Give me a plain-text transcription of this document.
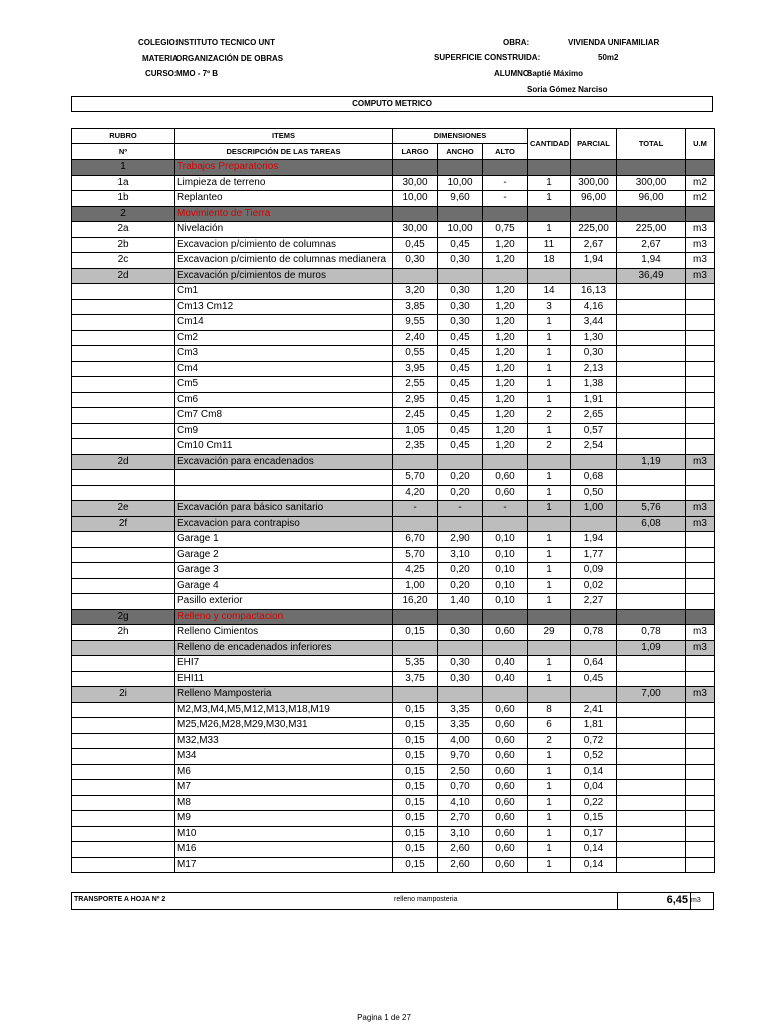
COLEGIO:
INSTITUTO TECNICO UNT
MATERIA
ORGANIZACIÓN DE OBRAS
CURSO: MMO - 7º B
OBRA:	VIVIENDA UNIFAMILIAR
SUPERFICIE CONSTRUIDA:	50m2
ALUMNO:
Saptié Máximo
Soria Gómez Narciso
COMPUTO METRICO
RUBRO	ITEMS	DIMENSIONES			CANTIDAD	PARCIAL	TOTAL	U.M
Nº	DESCRIPCIÓN DE LAS TAREAS	LARGO	ANCHO	ALTO				
1	Trabajos Preparatorios							
1a	Limpieza de terreno	30,00	10,00	-	1	300,00	300,00	m2
1b	Replanteo	10,00	9,60	-	1	96,00	96,00	m2
2	Movimiento de Tierra							
2a	Nivelación	30,00	10,00	0,75	1	225,00	225,00	m3
2b	Excavacion p/cimiento de columnas	0,45	0,45	1,20	11	2,67	2,67	m3
2c	Excavacion p/cimiento de columnas medianera	0,30	0,30	1,20	18	1,94	1,94	m3
2d	Excavación p/cimientos de muros						36,49	m3
	Cm1	3,20	0,30	1,20	14	16,13		
	Cm13 Cm12	3,85	0,30	1,20	3	4,16		
	Cm14	9,55	0,30	1,20	1	3,44		
	Cm2	2,40	0,45	1,20	1	1,30		
	Cm3	0,55	0,45	1,20	1	0,30		
	Cm4	3,95	0,45	1,20	1	2,13		
	Cm5	2,55	0,45	1,20	1	1,38		
	Cm6	2,95	0,45	1,20	1	1,91		
	Cm7 Cm8	2,45	0,45	1,20	2	2,65		
	Cm9	1,05	0,45	1,20	1	0,57		
	Cm10 Cm11	2,35	0,45	1,20	2	2,54		
2d	Excavación para encadenados						1,19	m3
		5,70	0,20	0,60	1	0,68		
		4,20	0,20	0,60	1	0,50		
2e	Excavación para básico sanitario	-	-	-	1	1,00	5,76	m3
2f	Excavacion para contrapiso						6,08	m3
	Garage 1	6,70	2,90	0,10	1	1,94		
	Garage 2	5,70	3,10	0,10	1	1,77		
	Garage 3	4,25	0,20	0,10	1	0,09		
	Garage 4	1,00	0,20	0,10	1	0,02		
	Pasillo exterior	16,20	1,40	0,10	1	2,27		
2g	Relleno y compactacion							
2h	Relleno Cimientos	0,15	0,30	0,60	29	0,78	0,78	m3
	Relleno de encadenados inferiores						1,09	m3
	EHI7	5,35	0,30	0,40	1	0,64		
	EHI11	3,75	0,30	0,40	1	0,45		
2i	Relleno Mamposteria						7,00	m3
	M2,M3,M4,M5,M12,M13,M18,M19	0,15	3,35	0,60	8	2,41		
	M25,M26,M28,M29,M30,M31	0,15	3,35	0,60	6	1,81		
	M32,M33	0,15	4,00	0,60	2	0,72		
	M34	0,15	9,70	0,60	1	0,52		
	M6	0,15	2,50	0,60	1	0,14		
	M7	0,15	0,70	0,60	1	0,04		
	M8	0,15	4,10	0,60	1	0,22		
	M9	0,15	2,70	0,60	1	0,15		
	M10	0,15	3,10	0,60	1	0,17		
	M16	0,15	2,60	0,60	1	0,14		
	M17	0,15	2,60	0,60	1	0,14		
TRANSPORTE A HOJA Nº 2	relleno mamposteria	6,45 m3
Pagina 1 de 27
